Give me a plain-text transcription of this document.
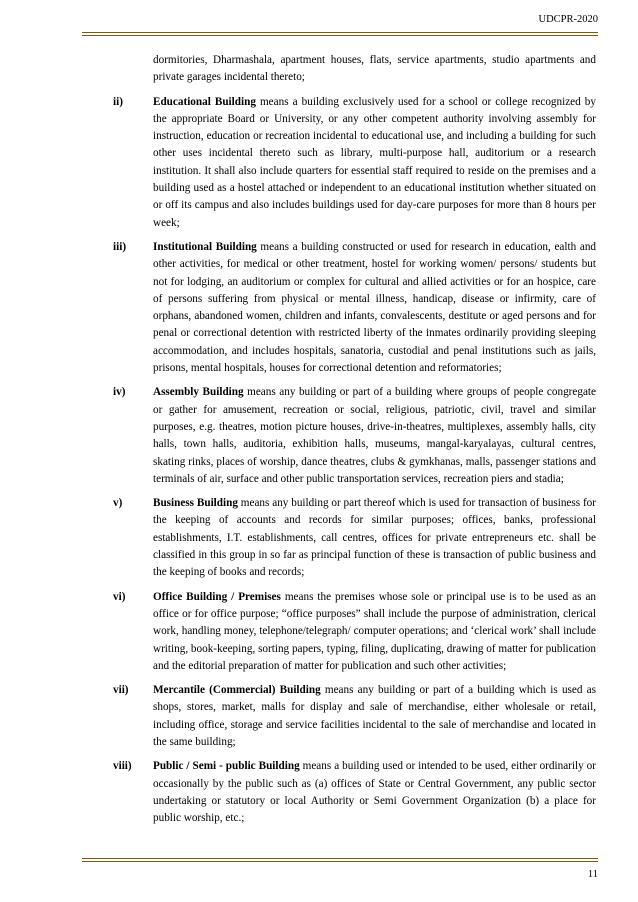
UDCPR-2020

dormitories, Dharmashala, apartment houses, flats, service apartments, studio apartments and private garages incidental thereto;

ii)	Educational Building means a building exclusively used for a school or college recognized by the appropriate Board or University, or any other competent authority involving assembly for instruction, education or recreation incidental to educational use, and including a building for such other uses incidental thereto such as library, multi-purpose hall, auditorium or a research institution. It shall also include quarters for essential staff required to reside on the premises and a building used as a hostel attached or independent to an educational institution whether situated on or off its campus and also includes buildings used for day-care purposes for more than 8 hours per week;

iii) Institutional Building means a building constructed or used for research in education, ealth and other activities, for medical or other treatment, hostel for working women/ persons/ students but not for lodging, an auditorium or complex for cultural and allied activities or for an hospice, care of persons suffering from physical or mental illness, handicap, disease or infirmity, care of orphans, abandoned women, children and infants, convalescents, destitute or aged persons and for penal or correctional detention with restricted liberty of the inmates ordinarily providing sleeping accommodation, and includes hospitals, sanatoria, custodial and penal institutions such as jails, prisons, mental hospitals, houses for correctional detention and reformatories;

iv) Assembly Building means any building or part of a building where groups of people congregate or gather for amusement, recreation or social, religious, patriotic, civil, travel and similar purposes, e.g. theatres, motion picture houses, drive-in-theatres, multiplexes, assembly halls, city halls, town halls, auditoria, exhibition halls, museums, mangal-karyalayas, cultural centres, skating rinks, places of worship, dance theatres, clubs & gymkhanas, malls, passenger stations and terminals of air, surface and other public transportation services, recreation piers and stadia;

v)	Business Building means any building or part thereof which is used for transaction of business for the keeping of accounts and records for similar purposes; offices, banks, professional establishments, I.T. establishments, call centres, offices for private entrepreneurs etc. shall be classified in this group in so far as principal function of these is transaction of public business and the keeping of books and records;

vi) Office Building / Premises means the premises whose sole or principal use is to be used as an office or for office purpose; “office purposes” shall include the purpose of administration, clerical work, handling money, telephone/telegraph/ computer operations; and ‘clerical work’ shall include writing, book-keeping, sorting papers, typing, filing, duplicating, drawing of matter for publication and the editorial preparation of matter for publication and such other activities;

vii) Mercantile (Commercial) Building means any building or part of a building which is used as shops, stores, market, malls for display and sale of merchandise, either wholesale or retail, including office, storage and service facilities incidental to the sale of merchandise and located in the same building;

viii) Public / Semi - public Building means a building used or intended to be used, either ordinarily or occasionally by the public such as (a) offices of State or Central Government, any public sector undertaking or statutory or local Authority or Semi Government Organization (b) a place for public worship, etc.;

11
